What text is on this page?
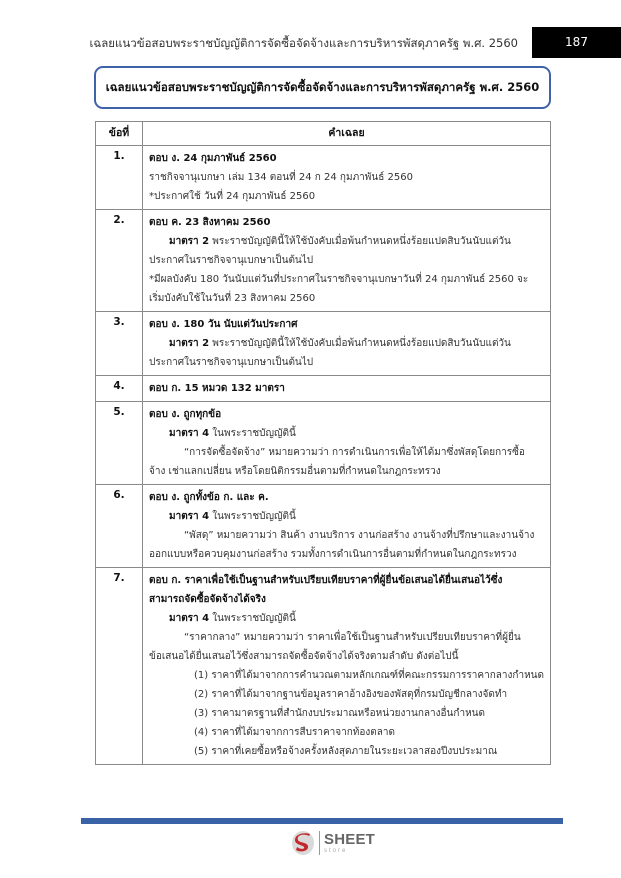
เฉลยแนวข้อสอบพระราชบัญญัติการจัดซื้อจัดจ้างและการบริหารพัสดุภาครัฐ พ.ศ. 2560	187
เฉลยแนวข้อสอบพระราชบัญญัติการจัดซื้อจัดจ้างและการบริหารพัสดุภาครัฐ พ.ศ. 2560
ข้อที่	คำเฉลย
1.	ตอบ ง. 24 กุมภาพันธ์ 2560
ราชกิจจานุเบกษา เล่ม 134 ตอนที่ 24 ก 24 กุมภาพันธ์ 2560
*ประกาศใช้ วันที่ 24 กุมภาพันธ์ 2560

2.	ตอบ ค. 23 สิงหาคม 2560
มาตรา 2 พระราชบัญญัตินี้ให้ใช้บังคับเมื่อพ้นกำหนดหนึ่งร้อยแปดสิบวันนับแต่วัน
ประกาศในราชกิจจานุเบกษาเป็นต้นไป
*มีผลบังคับ 180 วันนับแต่วันที่ประกาศในราชกิจจานุเบกษาวันที่ 24 กุมภาพันธ์ 2560 จะ
เริ่มบังคับใช้ในวันที่ 23 สิงหาคม 2560

3.	ตอบ ง. 180 วัน นับแต่วันประกาศ
มาตรา 2 พระราชบัญญัตินี้ให้ใช้บังคับเมื่อพ้นกำหนดหนึ่งร้อยแปดสิบวันนับแต่วัน
ประกาศในราชกิจจานุเบกษาเป็นต้นไป

4.	ตอบ ก. 15 หมวด 132 มาตรา

5.	ตอบ ง. ถูกทุกข้อ
มาตรา 4 ในพระราชบัญญัตินี้
“การจัดซื้อจัดจ้าง” หมายความว่า การดำเนินการเพื่อให้ได้มาซึ่งพัสดุโดยการซื้อ
จ้าง เช่าแลกเปลี่ยน หรือโดยนิติกรรมอื่นตามที่กำหนดในกฎกระทรวง

6.	ตอบ ง. ถูกทั้งข้อ ก. และ ค.
มาตรา 4 ในพระราชบัญญัตินี้
“พัสดุ” หมายความว่า สินค้า งานบริการ งานก่อสร้าง งานจ้างที่ปรึกษาและงานจ้าง
ออกแบบหรือควบคุมงานก่อสร้าง รวมทั้งการดำเนินการอื่นตามที่กำหนดในกฎกระทรวง

7.	ตอบ ก. ราคาเพื่อใช้เป็นฐานสำหรับเปรียบเทียบราคาที่ผู้ยื่นข้อเสนอได้ยื่นเสนอไว้ซึ่ง
สามารถจัดซื้อจัดจ้างได้จริง
มาตรา 4 ในพระราชบัญญัตินี้
“ราคากลาง” หมายความว่า ราคาเพื่อใช้เป็นฐานสำหรับเปรียบเทียบราคาที่ผู้ยื่น
ข้อเสนอได้ยื่นเสนอไว้ซึ่งสามารถจัดซื้อจัดจ้างได้จริงตามลำดับ ดังต่อไปนี้
(1) ราคาที่ได้มาจากการคำนวณตามหลักเกณฑ์ที่คณะกรรมการราคากลางกำหนด
(2) ราคาที่ได้มาจากฐานข้อมูลราคาอ้างอิงของพัสดุที่กรมบัญชีกลางจัดทำ
(3) ราคามาตรฐานที่สำนักงบประมาณหรือหน่วยงานกลางอื่นกำหนด
(4) ราคาที่ได้มาจากการสืบราคาจากท้องตลาด
(5) ราคาที่เคยซื้อหรือจ้างครั้งหลังสุดภายในระยะเวลาสองปีงบประมาณ
SHEET
store
